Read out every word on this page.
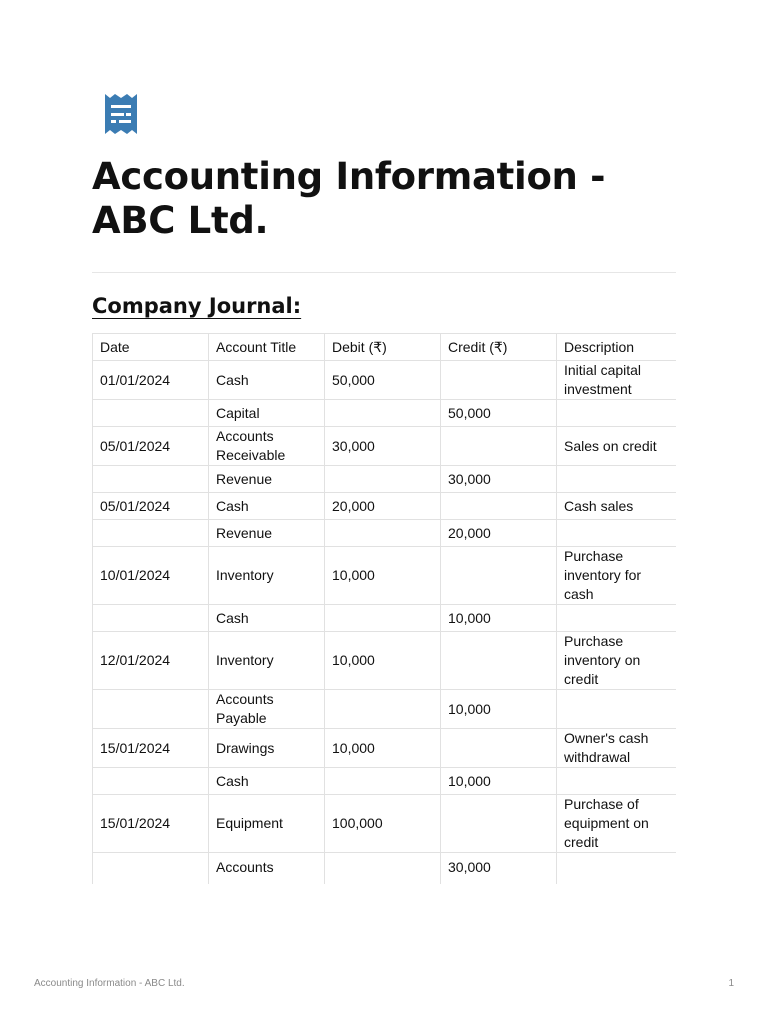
Accounting Information - ABC Ltd.
Company Journal:
Date	Account Title	Debit (₹)	Credit (₹)	Description
01/01/2024	Cash	50,000		Initial capital investment
	Capital		50,000	
05/01/2024	Accounts Receivable	30,000		Sales on credit
	Revenue		30,000	
05/01/2024	Cash	20,000		Cash sales
	Revenue		20,000	
10/01/2024	Inventory	10,000		Purchase inventory for cash
	Cash		10,000	
12/01/2024	Inventory	10,000		Purchase inventory on credit
	Accounts Payable		10,000	
15/01/2024	Drawings	10,000		Owner's cash withdrawal
	Cash		10,000	
15/01/2024	Equipment	100,000		Purchase of equipment on credit
	Accounts		30,000	
Accounting Information - ABC Ltd.	1
